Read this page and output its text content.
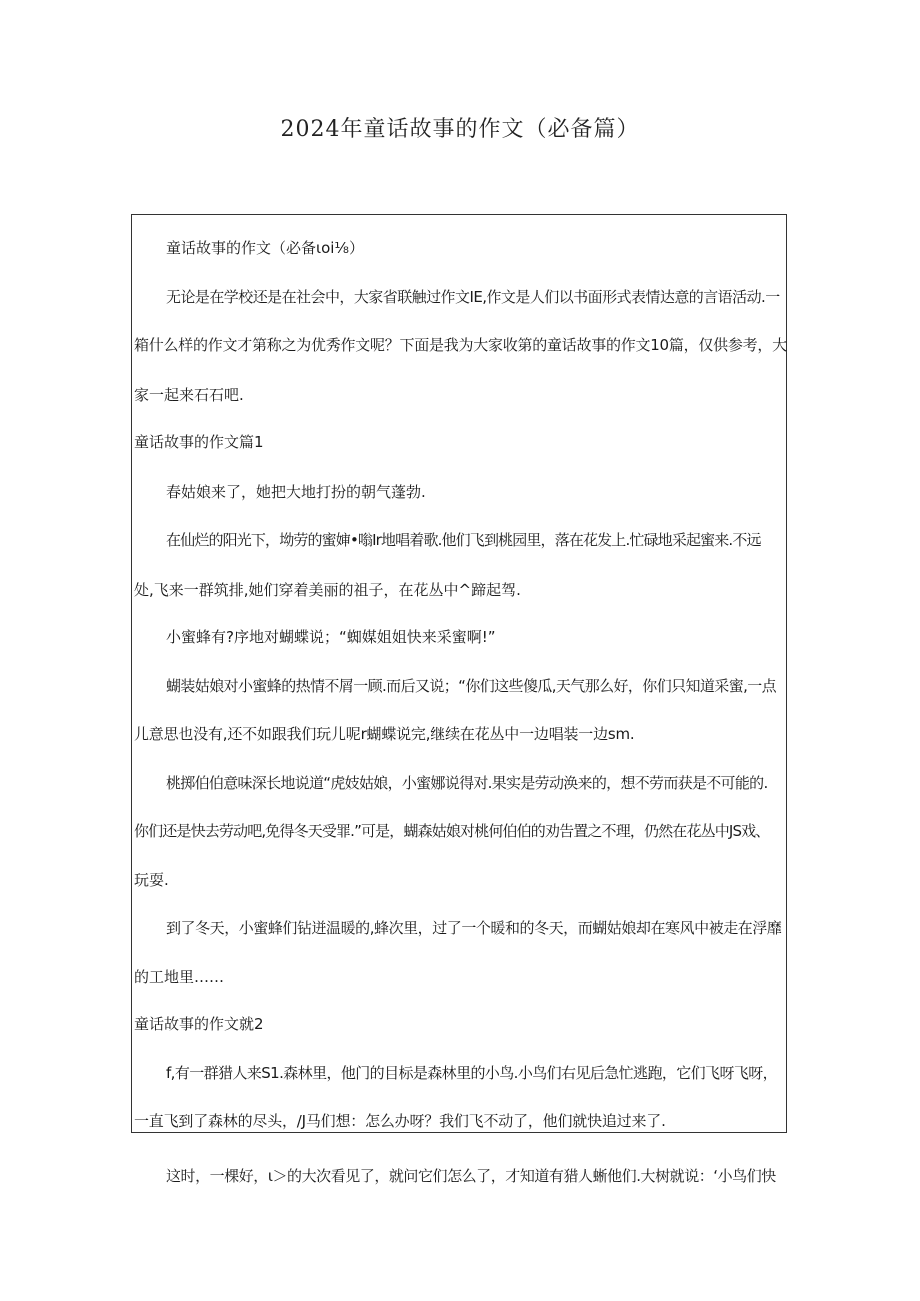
2024年童话故事的作文（必备篇）

童话故事的作文（必备ιoi⅛）

无论是在学校还是在社会中，大家省联触过作文IE,作文是人们以书面形式表情达意的言语活动.一

箱什么样的作文才第称之为优秀作文呢？下面是我为大家收第的童话故事的作文10篇，仅供参考，大

家一起来石石吧.

童话故事的作文篇1

春姑娘来了，她把大地打扮的朝气蓬勃.

在仙烂的阳光下，坳劳的蜜婶•嗡Ir地唱着歌.他们飞到桃园里，落在花发上.忙碌地采起蜜来.不远

处,飞来一群筑排,她们穿着美丽的祖子，在花丛中^蹄起驾.

小蜜蜂有?序地对蝴蝶说；“蜘媒姐姐快来采蜜啊!”

蝴装姑娘对小蜜蜂的热情不屑一顾.而后又说；“你们这些傻瓜,天气那么好，你们只知道采蜜,一点

儿意思也没有,还不如跟我们玩儿呢r蝴蝶说完,继续在花丛中一边唱装一边sm.

桃掷伯伯意味深长地说道“虎妓姑娘，小蜜娜说得对.果实是劳动涣来的，想不劳而获是不可能的.

你们还是快去劳动吧,免得冬天受罪.”可是，蝴森姑娘对桃何伯伯的劝告置之不理，仍然在花丛中JS戏、

玩耍.

到了冬天，小蜜蜂们钻迸温暖的,蜂次里，过了一个暖和的冬天，而蝴姑娘却在寒风中被走在浮靡

的工地里……

童话故事的作文就2

f,有一群猎人来S1.森林里，他门的目标是森林里的小鸟.小鸟们右见后急忙逃跑，它们飞呀飞呀，

一直飞到了森林的尽头，/J马们想：怎么办呀？我们飞不动了，他们就快追过来了.

这时，一棵好，ι＞的大次看见了，就问它们怎么了，才知道有猎人蜥他们.大树就说：‘小鸟们快
